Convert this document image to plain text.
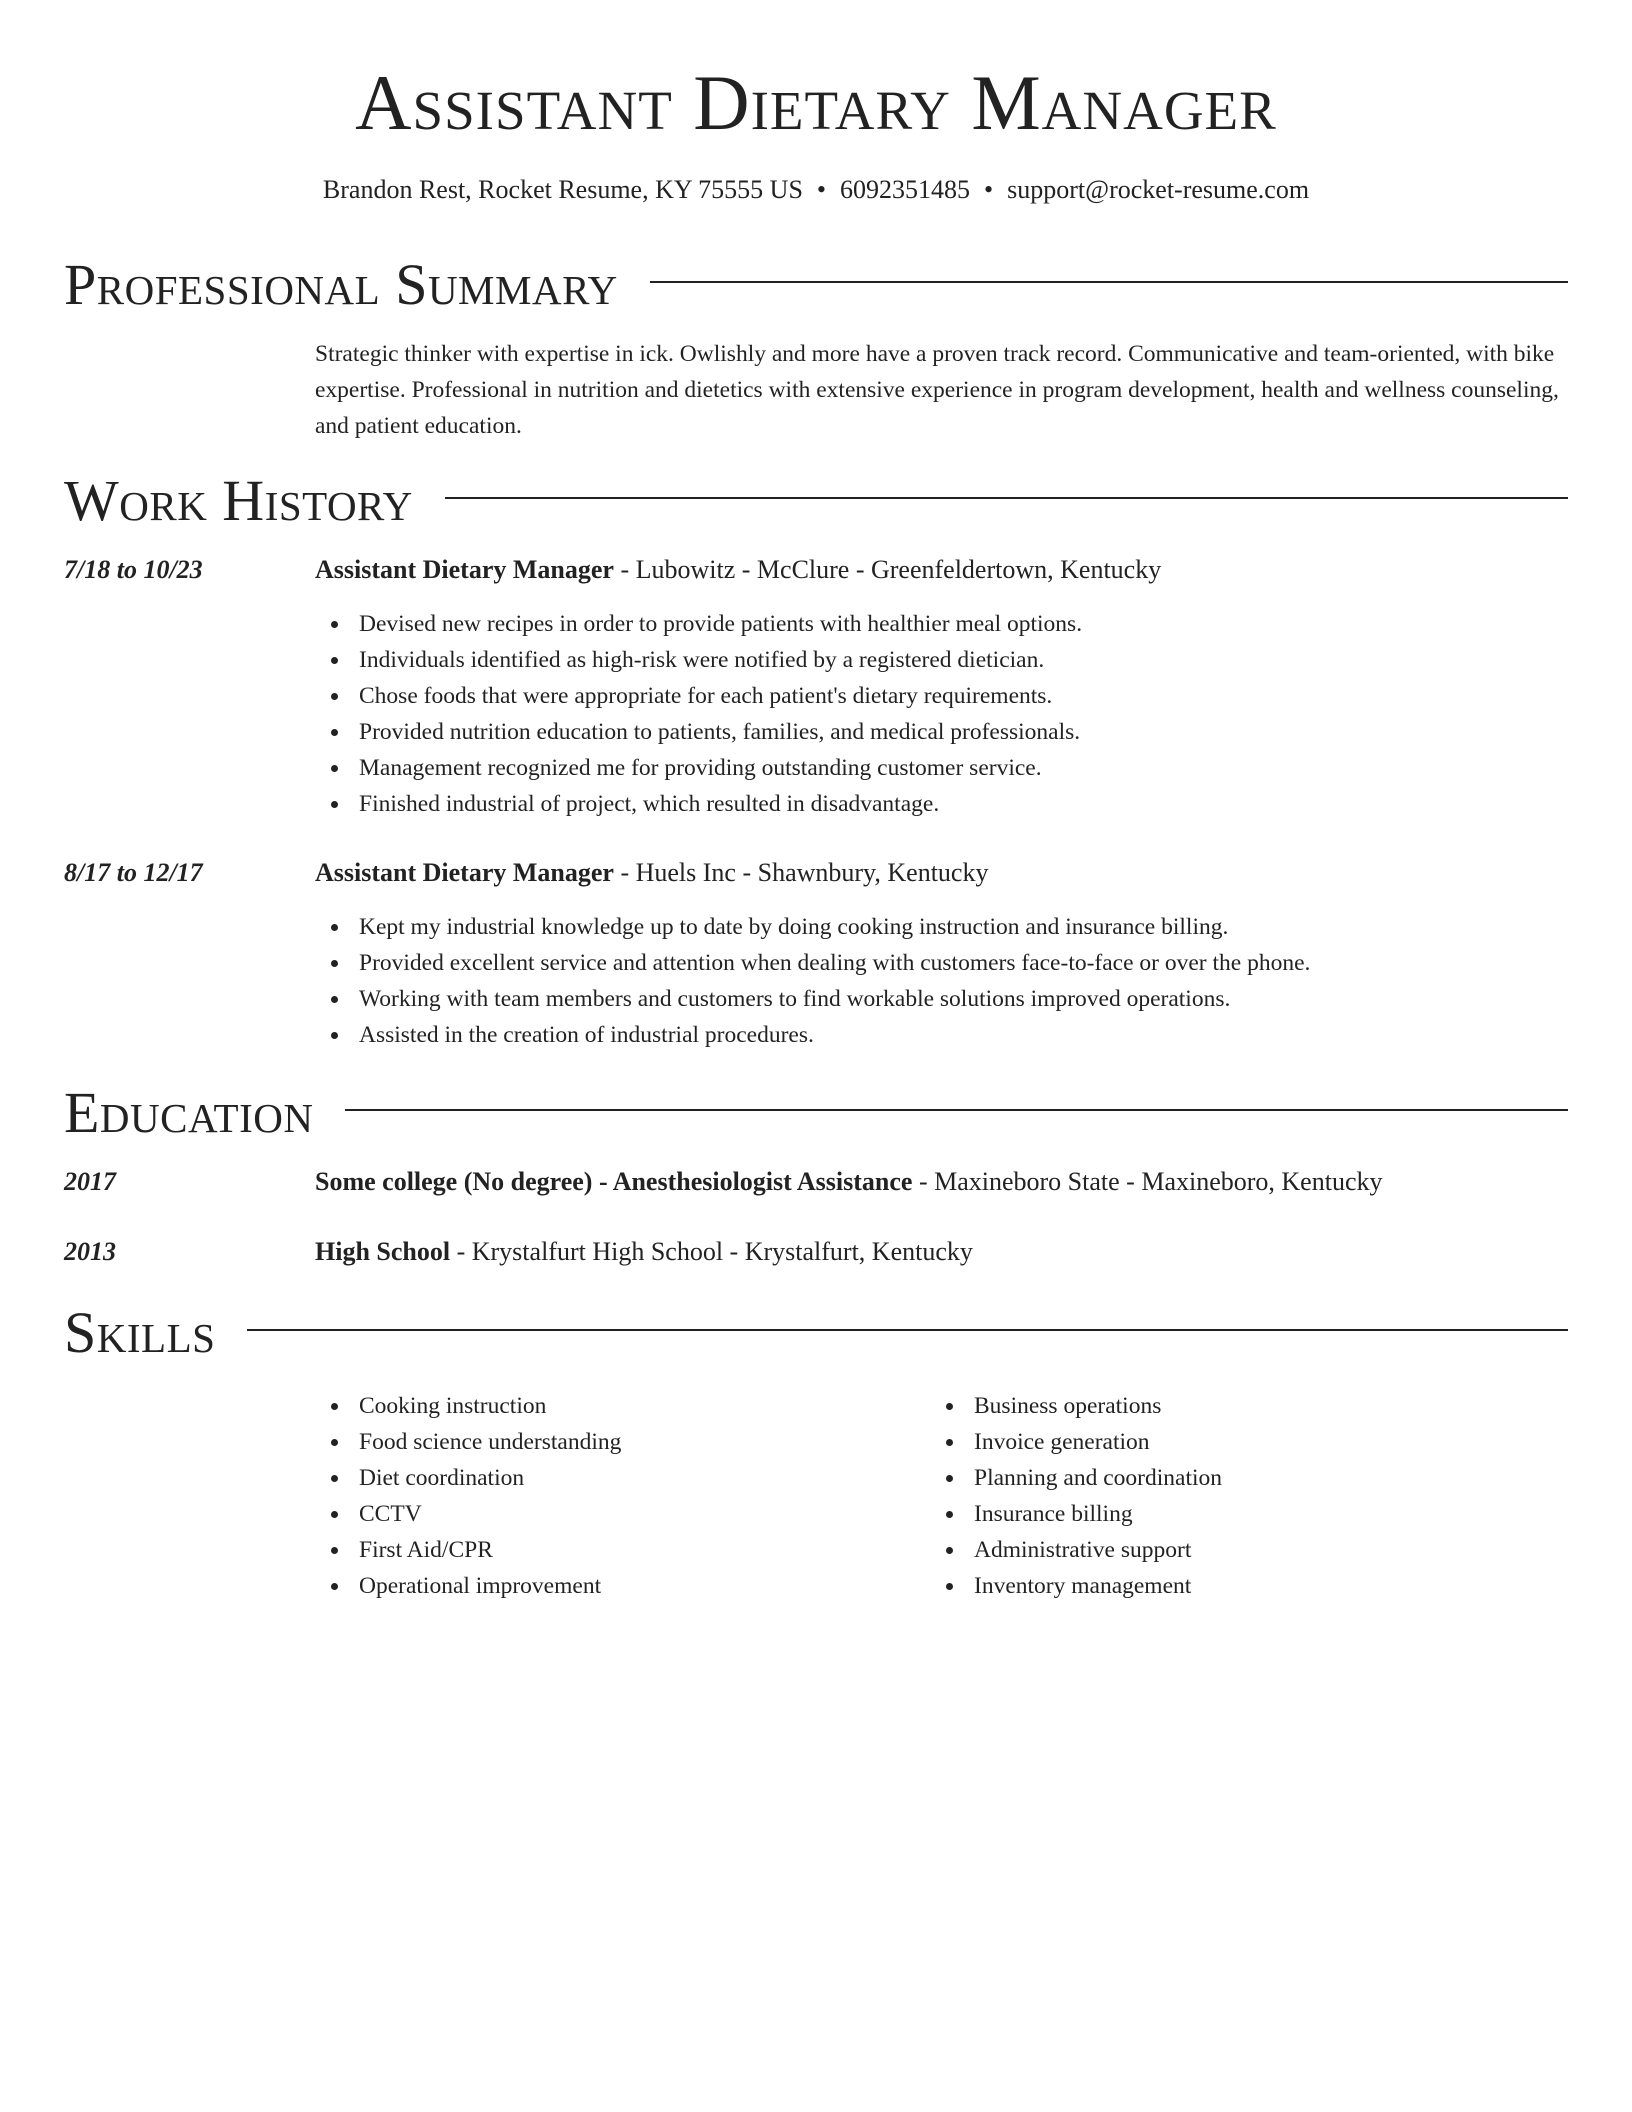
Assistant Dietary Manager
Brandon Rest, Rocket Resume, KY 75555 US • 6092351485 • support@rocket-resume.com
Professional Summary
Strategic thinker with expertise in ick. Owlishly and more have a proven track record. Communicative and team-oriented, with bike expertise. Professional in nutrition and dietetics with extensive experience in program development, health and wellness counseling, and patient education.
Work History
7/18 to 10/23	Assistant Dietary Manager - Lubowitz - McClure - Greenfeldertown, Kentucky
Devised new recipes in order to provide patients with healthier meal options.
Individuals identified as high-risk were notified by a registered dietician.
Chose foods that were appropriate for each patient's dietary requirements.
Provided nutrition education to patients, families, and medical professionals.
Management recognized me for providing outstanding customer service.
Finished industrial of project, which resulted in disadvantage.
8/17 to 12/17	Assistant Dietary Manager - Huels Inc - Shawnbury, Kentucky
Kept my industrial knowledge up to date by doing cooking instruction and insurance billing.
Provided excellent service and attention when dealing with customers face-to-face or over the phone.
Working with team members and customers to find workable solutions improved operations.
Assisted in the creation of industrial procedures.
Education
2017	Some college (No degree) - Anesthesiologist Assistance - Maxineboro State - Maxineboro, Kentucky
2013	High School - Krystalfurt High School - Krystalfurt, Kentucky
Skills
Cooking instruction
Food science understanding
Diet coordination
CCTV
First Aid/CPR
Operational improvement
Business operations
Invoice generation
Planning and coordination
Insurance billing
Administrative support
Inventory management
